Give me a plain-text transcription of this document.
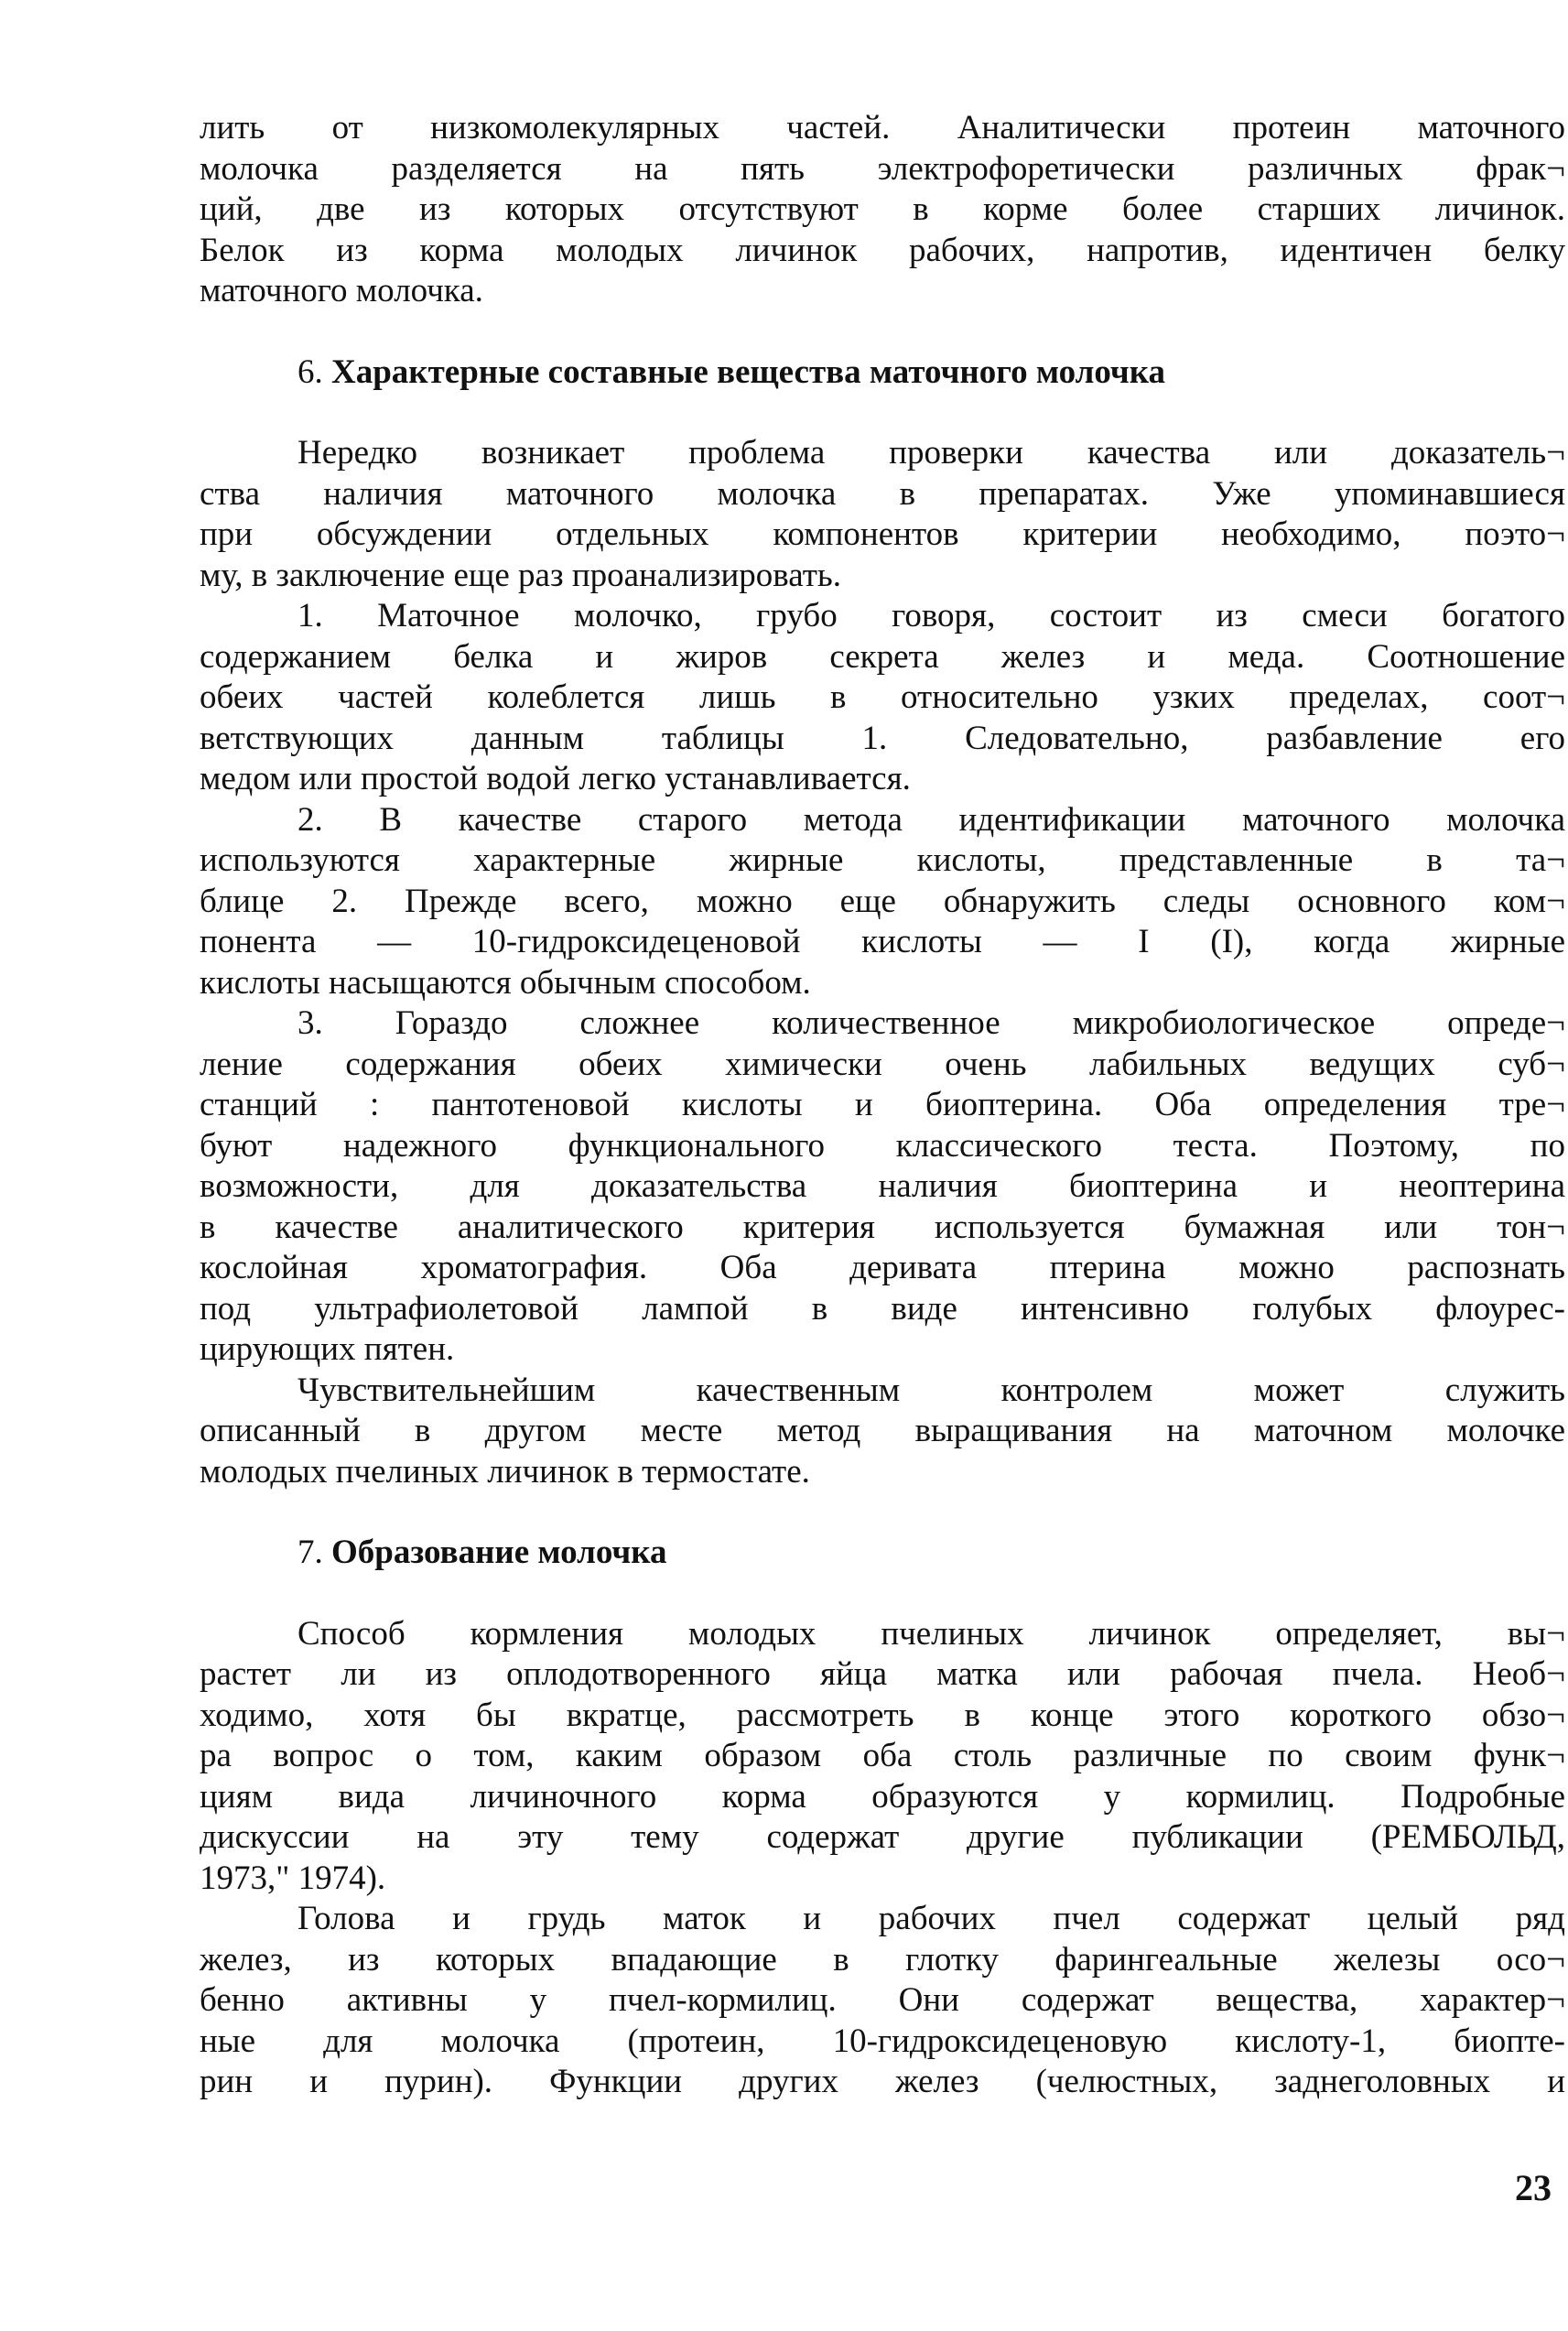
лить от низкомолекулярных частей. Аналитически протеин маточного

молочка разделяется на пять электрофоретически различных фрак¬

ций, две из которых отсутствуют в корме более старших личинок.

Белок из корма молодых личинок рабочих, напротив, идентичен белку

маточного молочка.

6. Характерные составные вещества маточного молочка

Нередко возникает проблема проверки качества или доказатель¬

ства наличия маточного молочка в препаратах. Уже упоминавшиеся

при обсуждении отдельных компонентов критерии необходимо, поэто¬

му, в заключение еще раз проанализировать.

1. Маточное молочко, грубо говоря, состоит из смеси богатого

содержанием белка и жиров секрета желез и меда. Соотношение

обеих частей колеблется лишь в относительно узких пределах, соот¬

ветствующих данным таблицы 1. Следовательно, разбавление его

медом или простой водой легко устанавливается.

2. В качестве старого метода идентификации маточного молочка

используются характерные жирные кислоты, представленные в та¬

блице 2. Прежде всего, можно еще обнаружить следы основного ком¬

понента — 10-гидроксидеценовой кислоты — I (I), когда жирные

кислоты насыщаются обычным способом.

3. Гораздо сложнее количественное микробиологическое опреде¬

ление содержания обеих химически очень лабильных ведущих суб¬

станций : пантотеновой кислоты и биоптерина. Оба определения тре¬

буют надежного функционального классического теста. Поэтому, по

возможности, для доказательства наличия биоптерина и неоптерина

в качестве аналитического критерия используется бумажная или тон¬

кослойная хроматография. Оба деривата птерина можно распознать

под ультрафиолетовой лампой в виде интенсивно голубых флоурес-

цирующих пятен.

Чувствительнейшим качественным контролем может служить

описанный в другом месте метод выращивания на маточном молочке

молодых пчелиных личинок в термостате.

7. Образование молочка

Способ кормления молодых пчелиных личинок определяет, вы¬

растет ли из оплодотворенного яйца матка или рабочая пчела. Необ¬

ходимо, хотя бы вкратце, рассмотреть в конце этого короткого обзо¬

ра вопрос о том, каким образом оба столь различные по своим функ¬

циям вида личиночного корма образуются у кормилиц. Подробные

дискуссии на эту тему содержат другие публикации (РЕМБОЛЬД,

1973," 1974).

Голова и грудь маток и рабочих пчел содержат целый ряд

желез, из которых впадающие в глотку фарингеальные железы осо¬

бенно активны у пчел-кормилиц. Они содержат вещества, характер¬

ные для молочка (протеин, 10-гидроксидеценовую кислоту-1, биопте-

рин и пурин). Функции других желез (челюстных, заднеголовных и

23
